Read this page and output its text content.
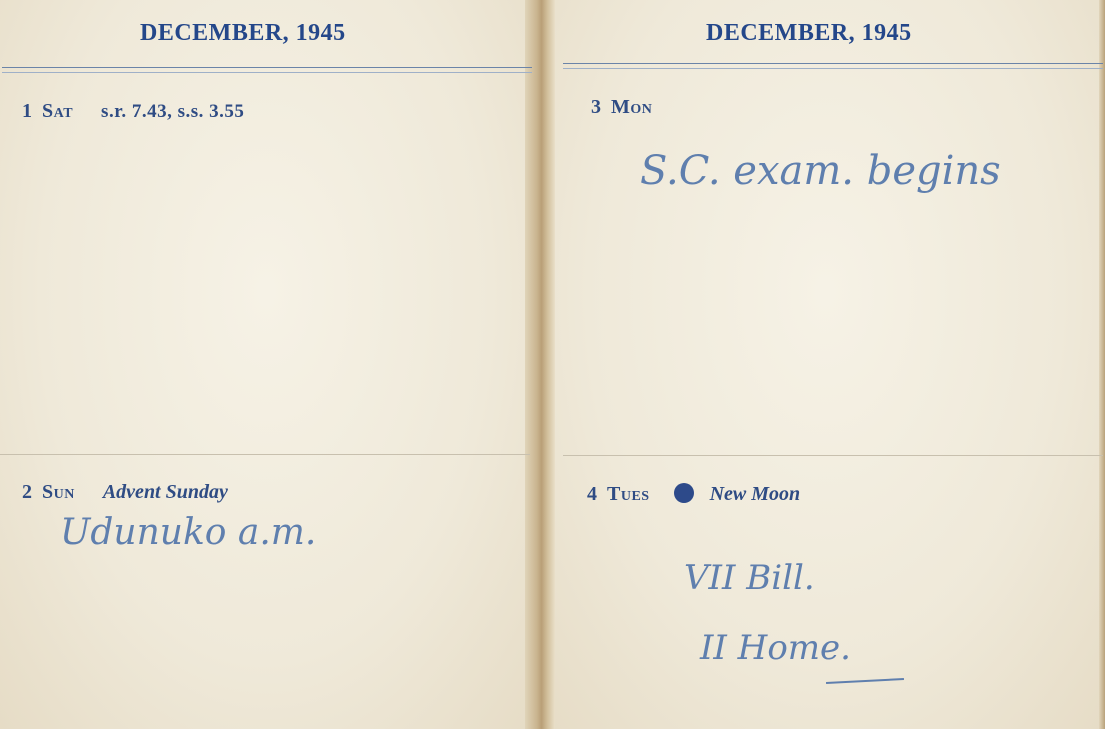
DECEMBER, 1945	DECEMBER, 1945
1 Sat s.r. 7.43, s.s. 3.55
2 Sun Advent Sunday
Udunuko a.m.
3 Mon
S.C. exam. begins
4 Tues	New Moon
VII Bill.
II Home.
